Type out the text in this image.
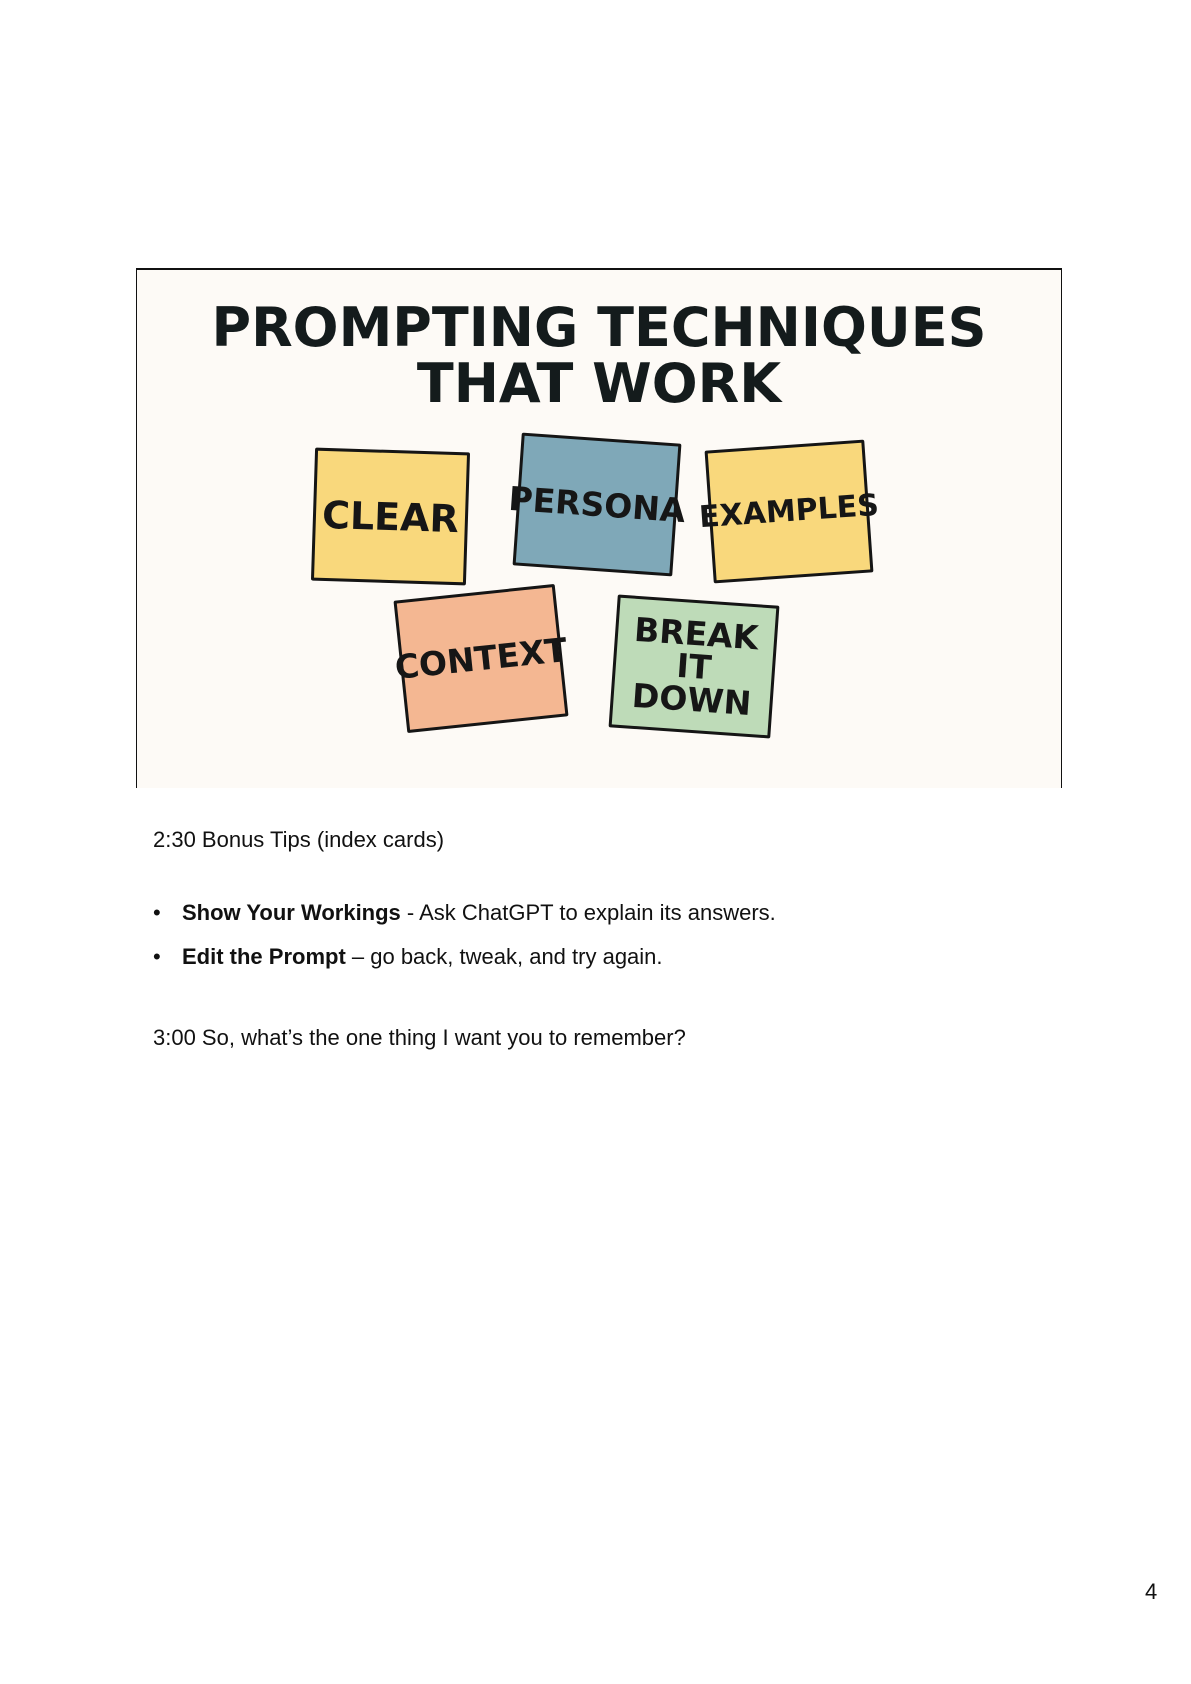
PROMPTING TECHNIQUES
THAT WORK
CLEAR PERSONA EXAMPLES
CONTEXT	BREAK IT
DOWN
2:30 Bonus Tips (index cards)
• Show Your Workings - Ask ChatGPT to explain its answers.
• Edit the Prompt – go back, tweak, and try again.
3:00 So, what’s the one thing I want you to remember?
4
